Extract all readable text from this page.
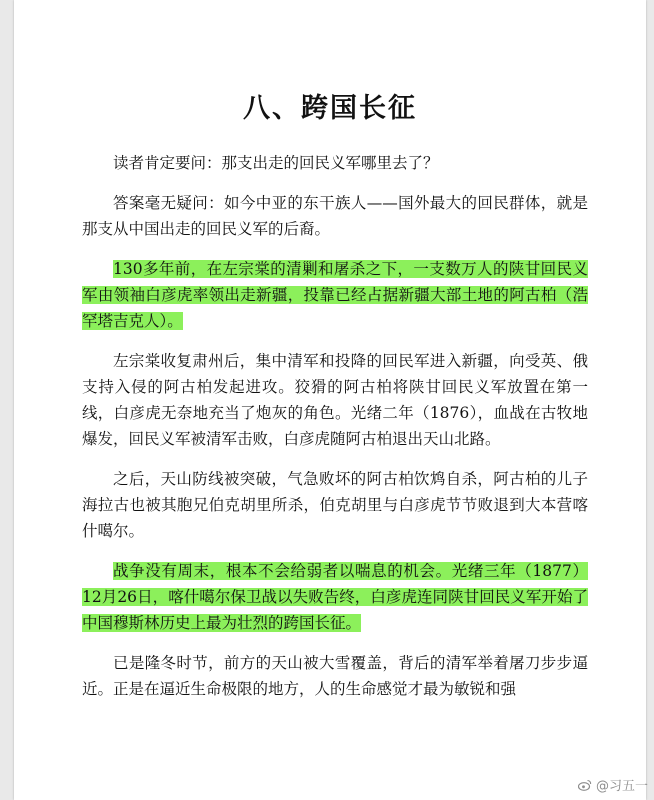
八、跨国长征

读者肯定要问：那支出走的回民义军哪里去了？

答案毫无疑问：如今中亚的东干族人——国外最大的回民群体，就是那支从中国出走的回民义军的后裔。

130多年前，在左宗棠的清剿和屠杀之下，一支数万人的陕甘回民义军由领袖白彦虎率领出走新疆，投靠已经占据新疆大部土地的阿古柏（浩罕塔吉克人）。

左宗棠收复肃州后，集中清军和投降的回民军进入新疆，向受英、俄支持入侵的阿古柏发起进攻。狡猾的阿古柏将陕甘回民义军放置在第一线，白彦虎无奈地充当了炮灰的角色。光绪二年（1876），血战在古牧地爆发，回民义军被清军击败，白彦虎随阿古柏退出天山北路。

之后，天山防线被突破，气急败坏的阿古柏饮鸩自杀，阿古柏的儿子海拉古也被其胞兄伯克胡里所杀，伯克胡里与白彦虎节节败退到大本营喀什噶尔。

战争没有周末，根本不会给弱者以喘息的机会。光绪三年（1877）12月26日，喀什噶尔保卫战以失败告终，白彦虎连同陕甘回民义军开始了中国穆斯林历史上最为壮烈的跨国长征。

已是隆冬时节，前方的天山被大雪覆盖，背后的清军举着屠刀步步逼近。正是在逼近生命极限的地方，人的生命感觉才最为敏锐和强

@习五一
